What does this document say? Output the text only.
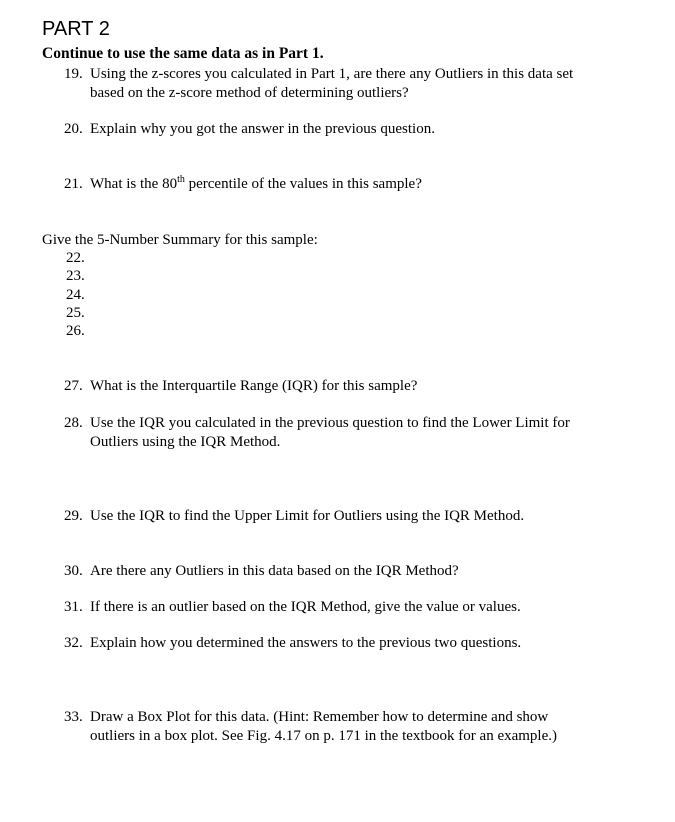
PART 2
Continue to use the same data as in Part 1.
19. Using the z-scores you calculated in Part 1, are there any Outliers in this data set
based on the z-score method of determining outliers?
20. Explain why you got the answer in the previous question.
21. What is the 80th percentile of the values in this sample?
Give the 5-Number Summary for this sample:
22.
23.
24.
25.
26.
27. What is the Interquartile Range (IQR) for this sample?
28. Use the IQR you calculated in the previous question to find the Lower Limit for
Outliers using the IQR Method.
29. Use the IQR to find the Upper Limit for Outliers using the IQR Method.
30. Are there any Outliers in this data based on the IQR Method?
31. If there is an outlier based on the IQR Method, give the value or values.
32. Explain how you determined the answers to the previous two questions.
33. Draw a Box Plot for this data. (Hint: Remember how to determine and show
outliers in a box plot. See Fig. 4.17 on p. 171 in the textbook for an example.)
